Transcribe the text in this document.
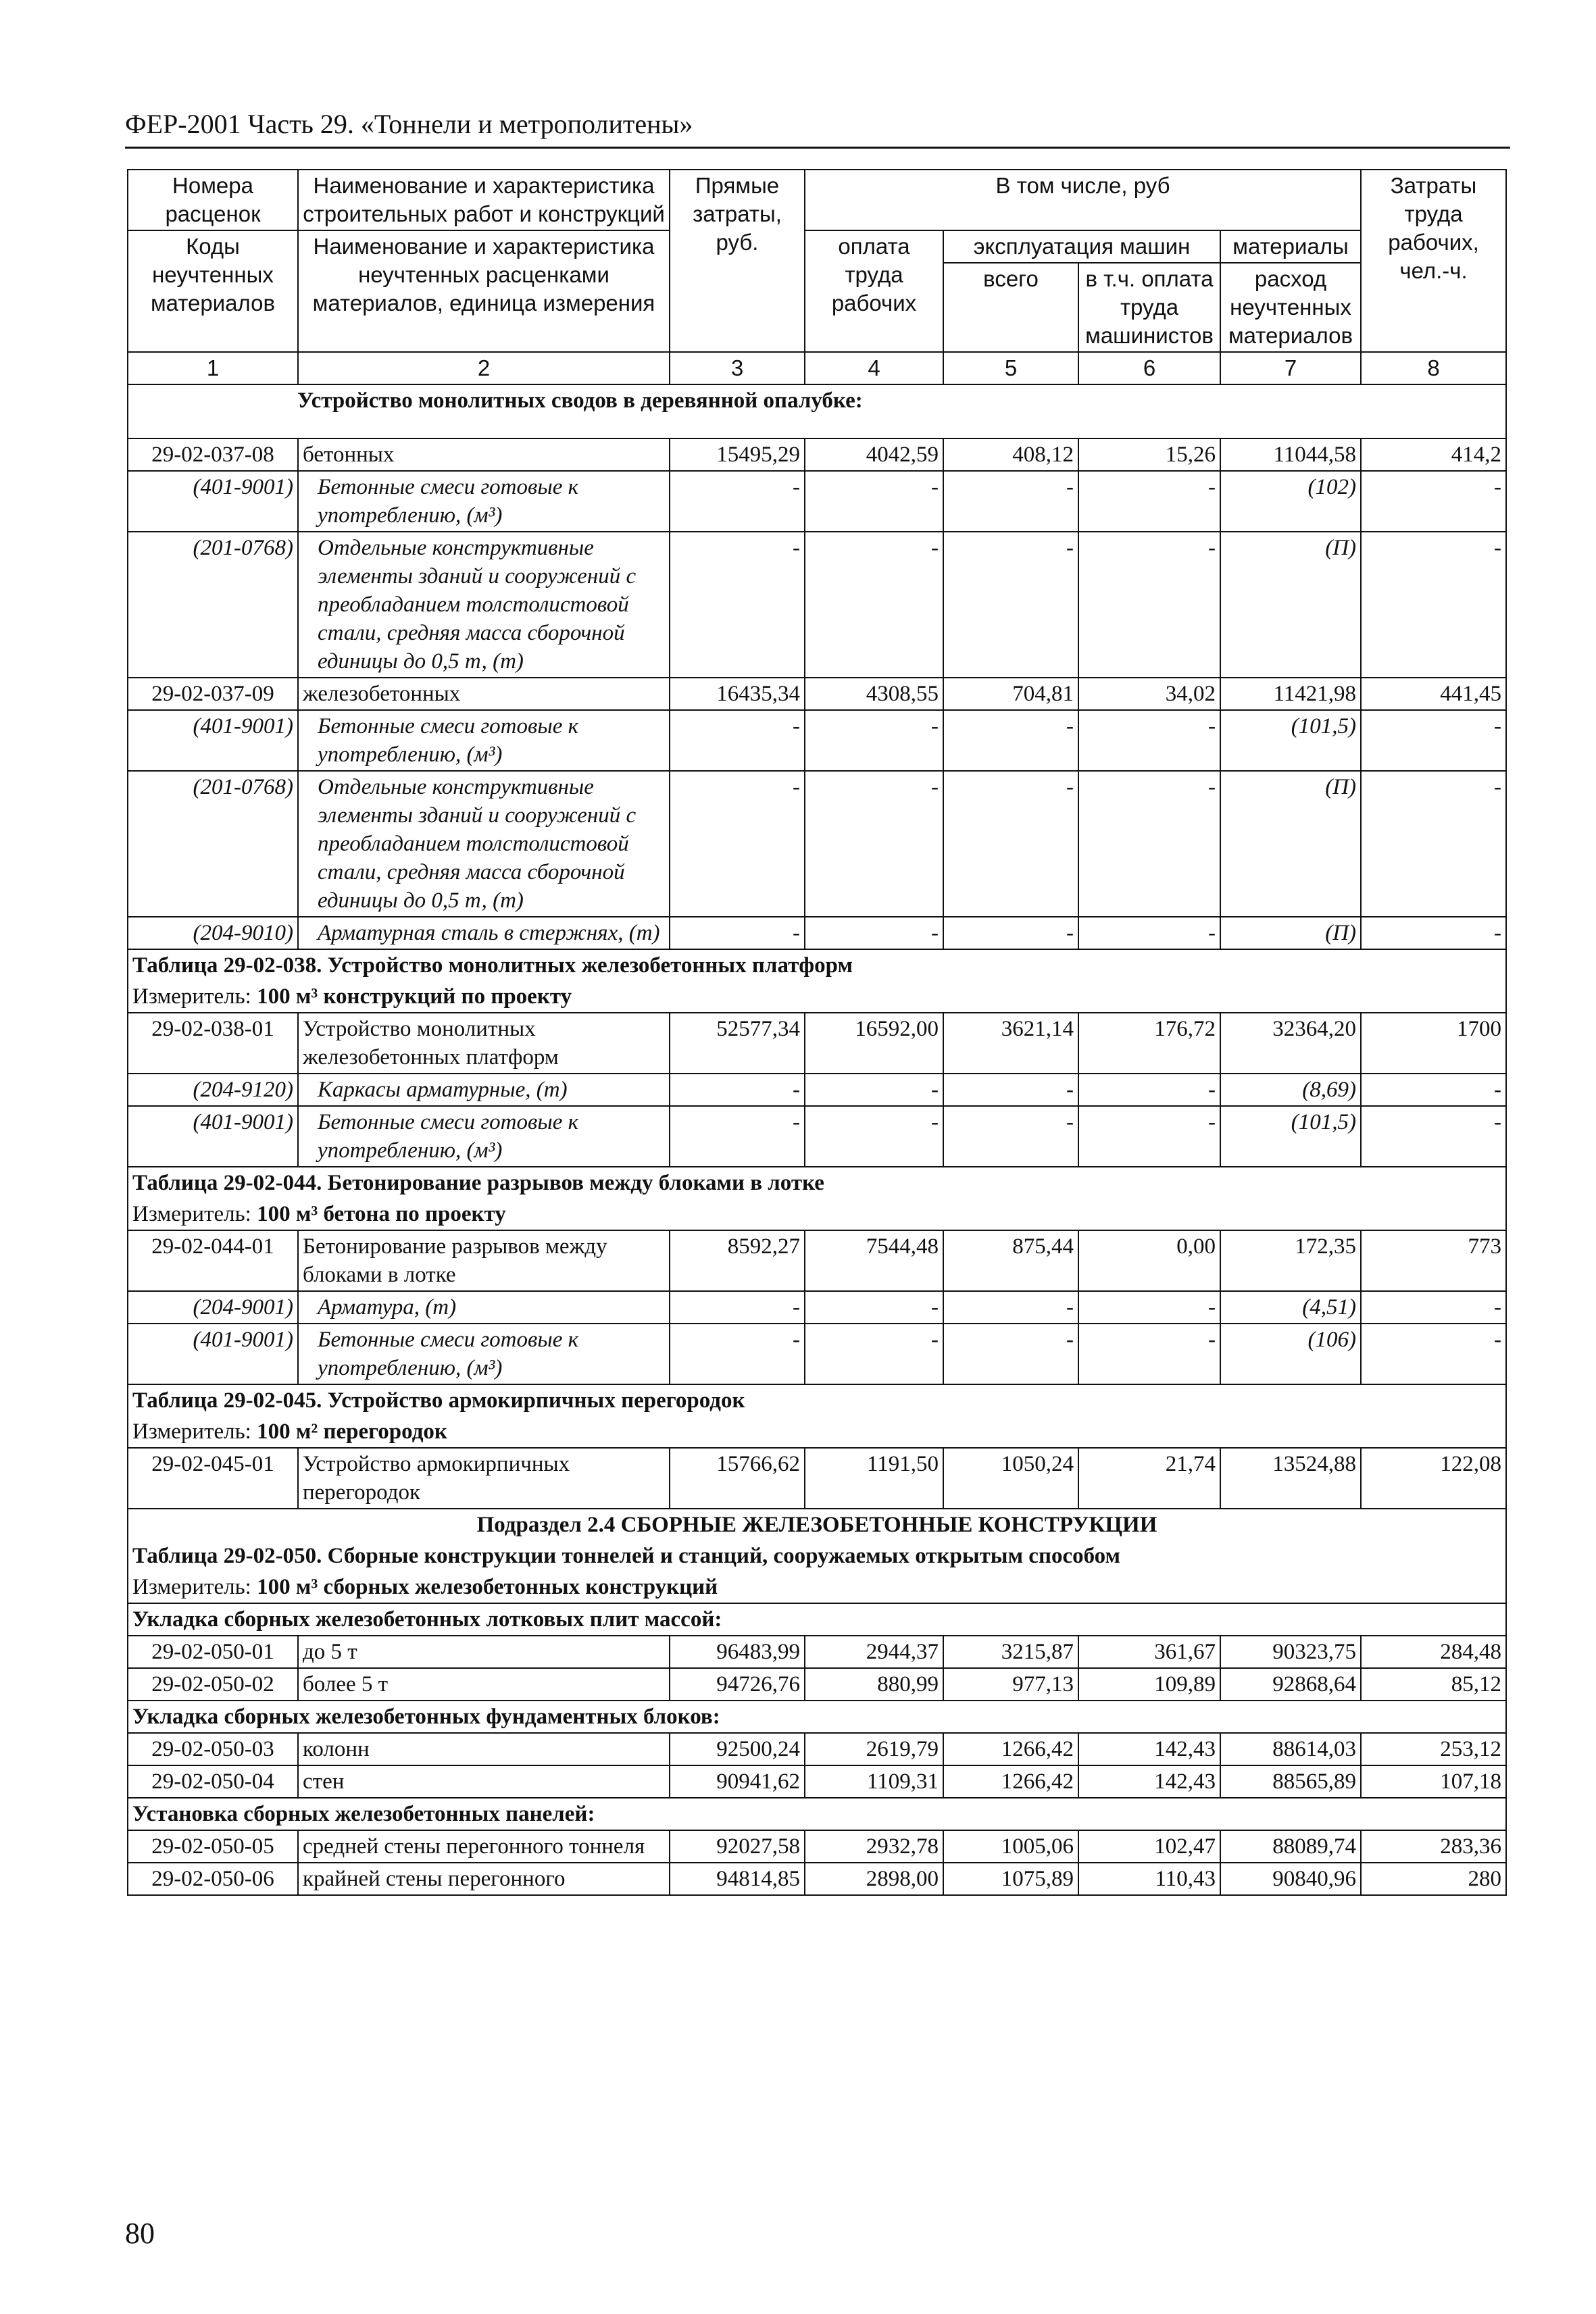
ФЕР-2001 Часть 29. «Тоннели и метрополитены»
Номера расценок	Наименование и характеристика строительных работ и конструкций	Прямые затраты, руб.	В том числе, руб				Затраты труда рабочих, чел.-ч.
Коды неучтенных материалов	Наименование и характеристика неучтенных расценками материалов, единица измерения		оплата труда рабочих	эксплуатация машин		материалы	
				всего	в т.ч. оплата труда машинистов	расход неучтенных материалов	
1	2	3	4	5	6	7	8
Устройство монолитных сводов в деревянной опалубке:							
29-02-037-08	бетонных	15495,29	4042,59	408,12	15,26	11044,58	414,2
(401-9001)	Бетонные смеси готовые к употреблению, (м³)	-	-	-	-	(102)	-
(201-0768)	Отдельные конструктивные элементы зданий и сооружений с преобладанием толстолистовой стали, средняя масса сборочной единицы до 0,5 т, (т)	-	-	-	-	(П)	-
29-02-037-09	железобетонных	16435,34	4308,55	704,81	34,02	11421,98	441,45
(401-9001)	Бетонные смеси готовые к употреблению, (м³)	-	-	-	-	(101,5)	-
(201-0768)	Отдельные конструктивные элементы зданий и сооружений с преобладанием толстолистовой стали, средняя масса сборочной единицы до 0,5 т, (т)	-	-	-	-	(П)	-
(204-9010)	Арматурная сталь в стержнях, (т)	-	-	-	-	(П)	-
Таблица 29-02-038. Устройство монолитных железобетонных платформ							
Измеритель: 100 м³ конструкций по проекту							
29-02-038-01	Устройство монолитных железобетонных платформ	52577,34	16592,00	3621,14	176,72	32364,20	1700
(204-9120)	Каркасы арматурные, (т)	-	-	-	-	(8,69)	-
(401-9001)	Бетонные смеси готовые к употреблению, (м³)	-	-	-	-	(101,5)	-
Таблица 29-02-044. Бетонирование разрывов между блоками в лотке							
Измеритель: 100 м³ бетона по проекту							
29-02-044-01	Бетонирование разрывов между блоками в лотке	8592,27	7544,48	875,44	0,00	172,35	773
(204-9001)	Арматура, (т)	-	-	-	-	(4,51)	-
(401-9001)	Бетонные смеси готовые к употреблению, (м³)	-	-	-	-	(106)	-
Таблица 29-02-045. Устройство армокирпичных перегородок							
Измеритель: 100 м² перегородок							
29-02-045-01	Устройство армокирпичных перегородок	15766,62	1191,50	1050,24	21,74	13524,88	122,08
Подраздел 2.4 СБОРНЫЕ ЖЕЛЕЗОБЕТОННЫЕ КОНСТРУКЦИИ							
Таблица 29-02-050. Сборные конструкции тоннелей и станций, сооружаемых открытым способом							
Измеритель: 100 м³ сборных железобетонных конструкций							
Укладка сборных железобетонных лотковых плит массой:							
29-02-050-01	до 5 т	96483,99	2944,37	3215,87	361,67	90323,75	284,48
29-02-050-02	более 5 т	94726,76	880,99	977,13	109,89	92868,64	85,12
Укладка сборных железобетонных фундаментных блоков:							
29-02-050-03	колонн	92500,24	2619,79	1266,42	142,43	88614,03	253,12
29-02-050-04	стен	90941,62	1109,31	1266,42	142,43	88565,89	107,18
Установка сборных железобетонных панелей:							
29-02-050-05	средней стены перегонного тоннеля	92027,58	2932,78	1005,06	102,47	88089,74	283,36
29-02-050-06	крайней стены перегонного	94814,85	2898,00	1075,89	110,43	90840,96	280
80
